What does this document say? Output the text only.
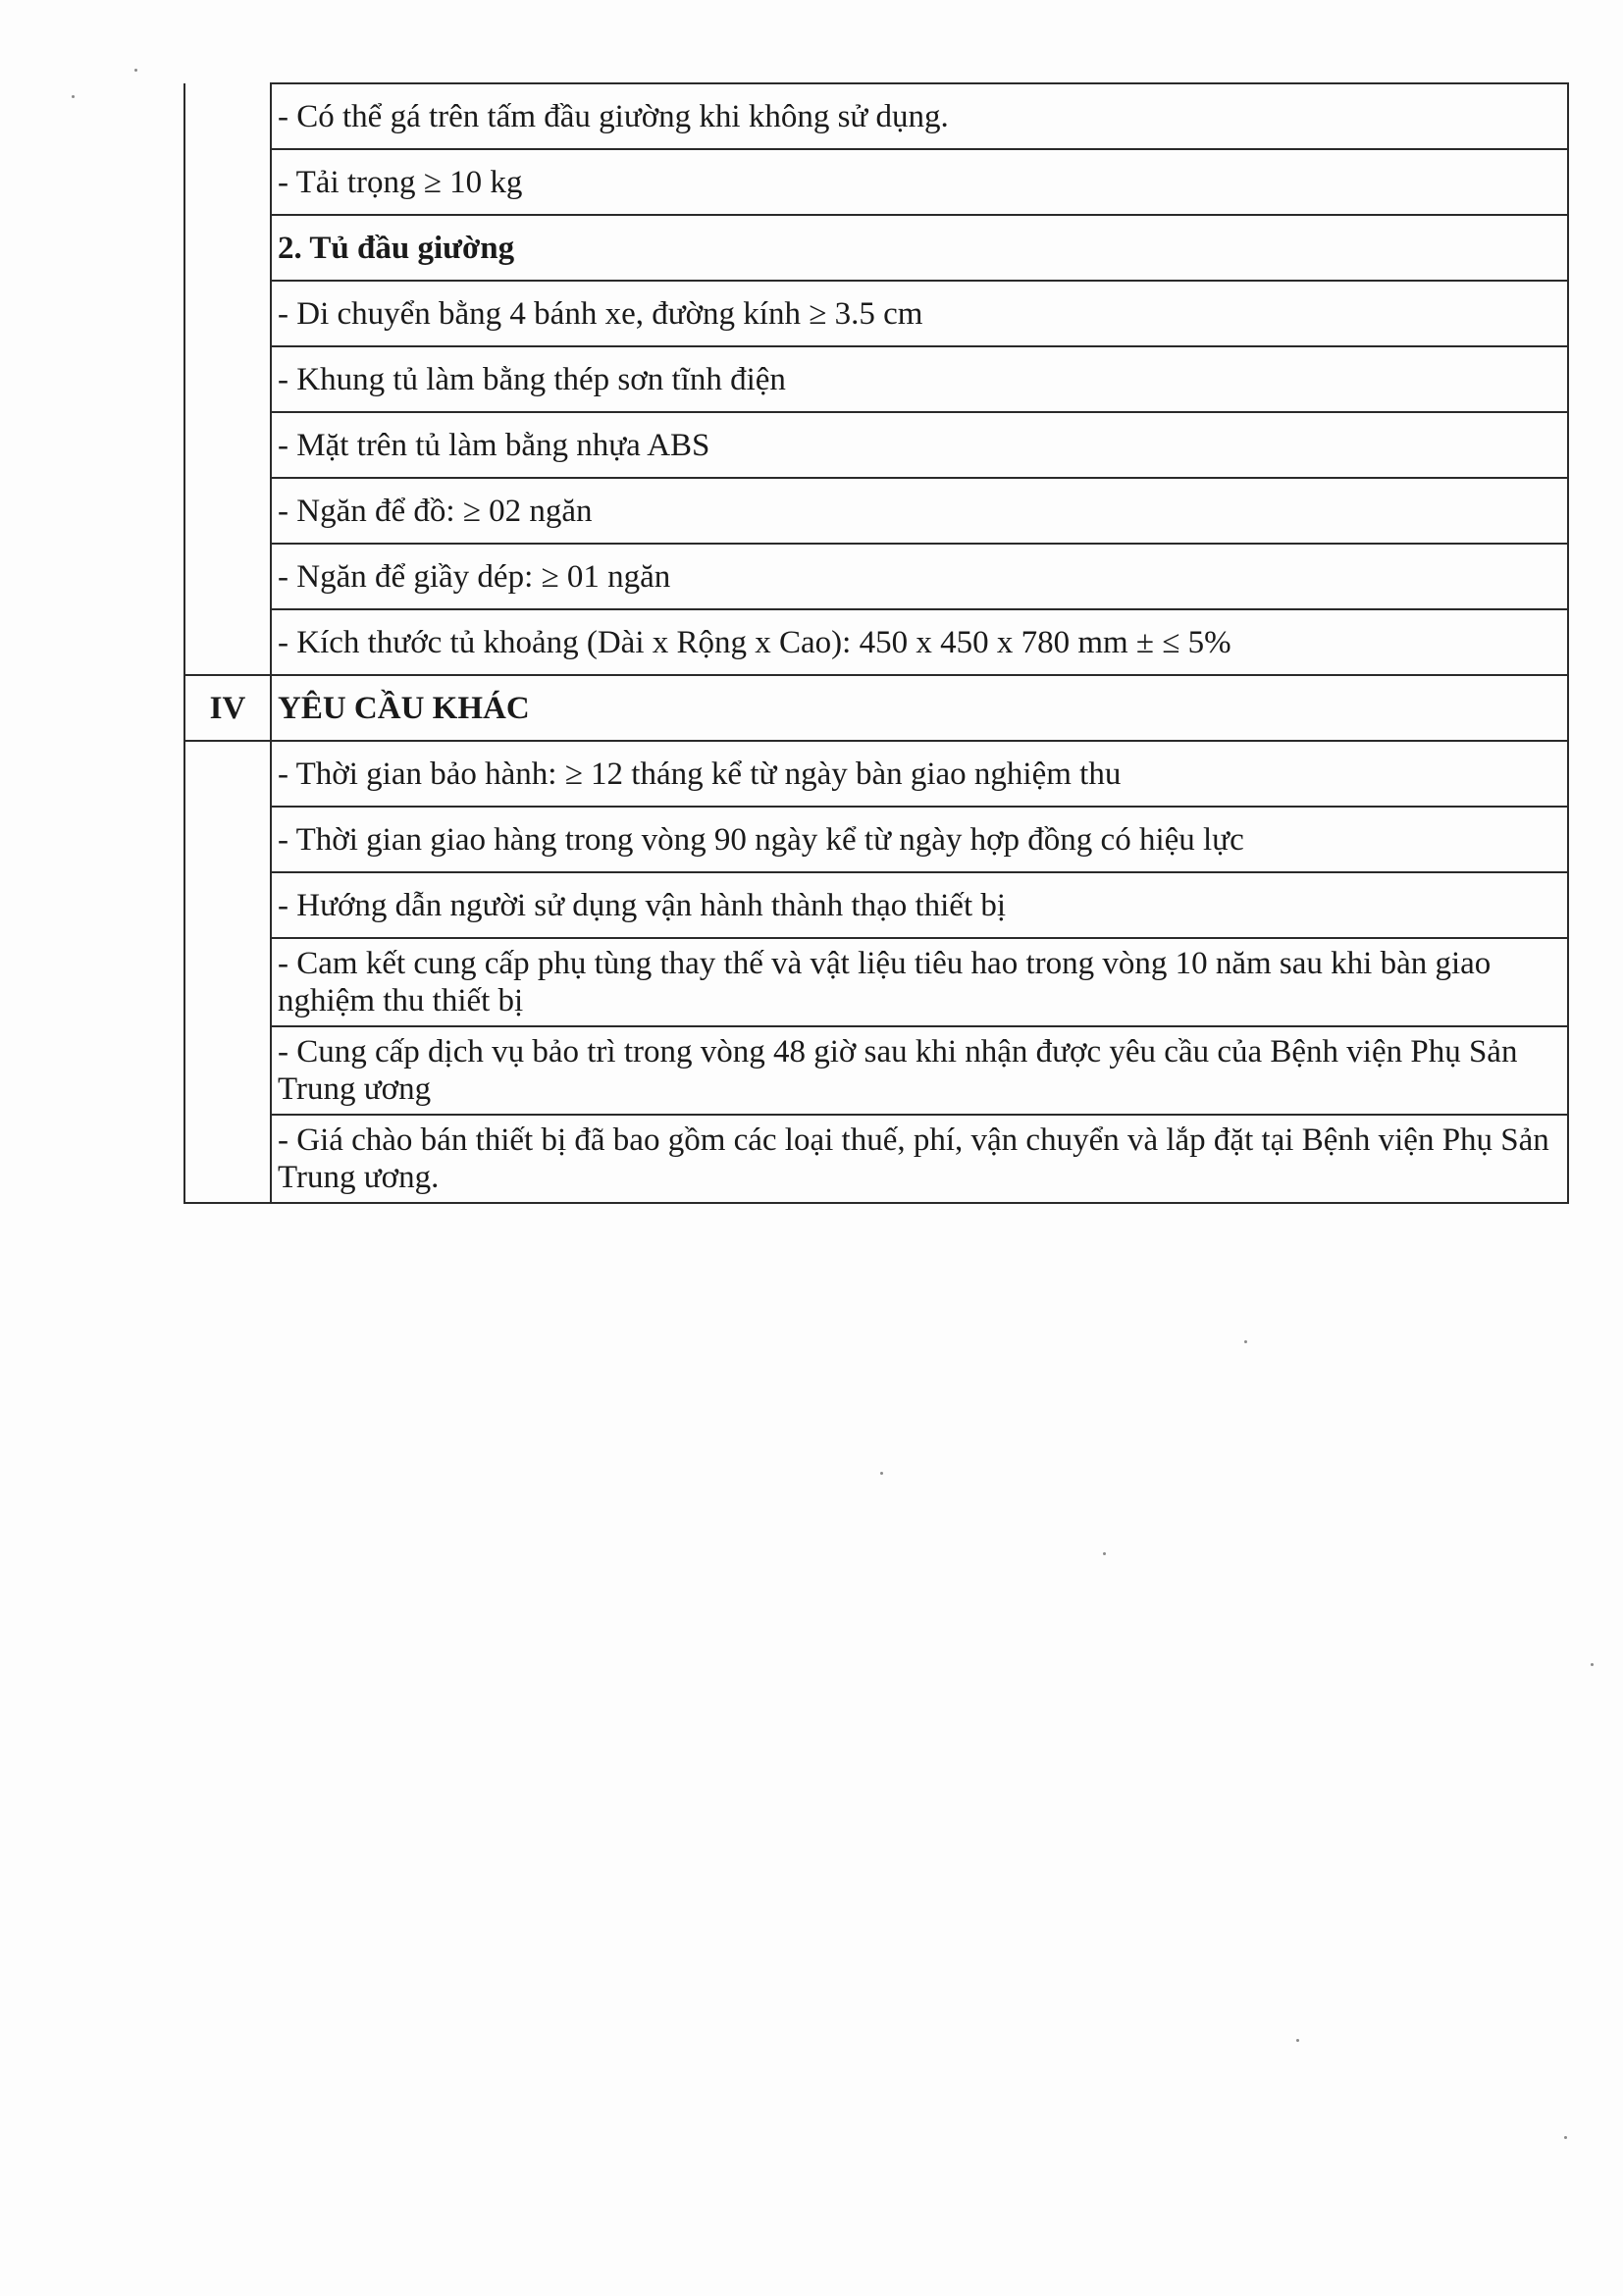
	- Có thể gá trên tấm đầu giường khi không sử dụng.
	- Tải trọng ≥ 10 kg
	2. Tủ đầu giường
	- Di chuyển bằng 4 bánh xe, đường kính ≥ 3.5 cm
	- Khung tủ làm bằng thép sơn tĩnh điện
	- Mặt trên tủ làm bằng nhựa ABS
	- Ngăn để đồ: ≥ 02 ngăn
	- Ngăn để giầy dép: ≥ 01 ngăn
	- Kích thước tủ khoảng (Dài x Rộng x Cao): 450 x 450 x 780 mm ± ≤ 5%
IV	YÊU CẦU KHÁC
	- Thời gian bảo hành: ≥ 12 tháng kể từ ngày bàn giao nghiệm thu
	- Thời gian giao hàng trong vòng 90 ngày kể từ ngày hợp đồng có hiệu lực
	- Hướng dẫn người sử dụng vận hành thành thạo thiết bị
	- Cam kết cung cấp phụ tùng thay thế và vật liệu tiêu hao trong vòng 10 năm sau khi bàn giao nghiệm thu thiết bị
	- Cung cấp dịch vụ bảo trì trong vòng 48 giờ sau khi nhận được yêu cầu của Bệnh viện Phụ Sản Trung ương
	- Giá chào bán thiết bị đã bao gồm các loại thuế, phí, vận chuyển và lắp đặt tại Bệnh viện Phụ Sản Trung ương.
